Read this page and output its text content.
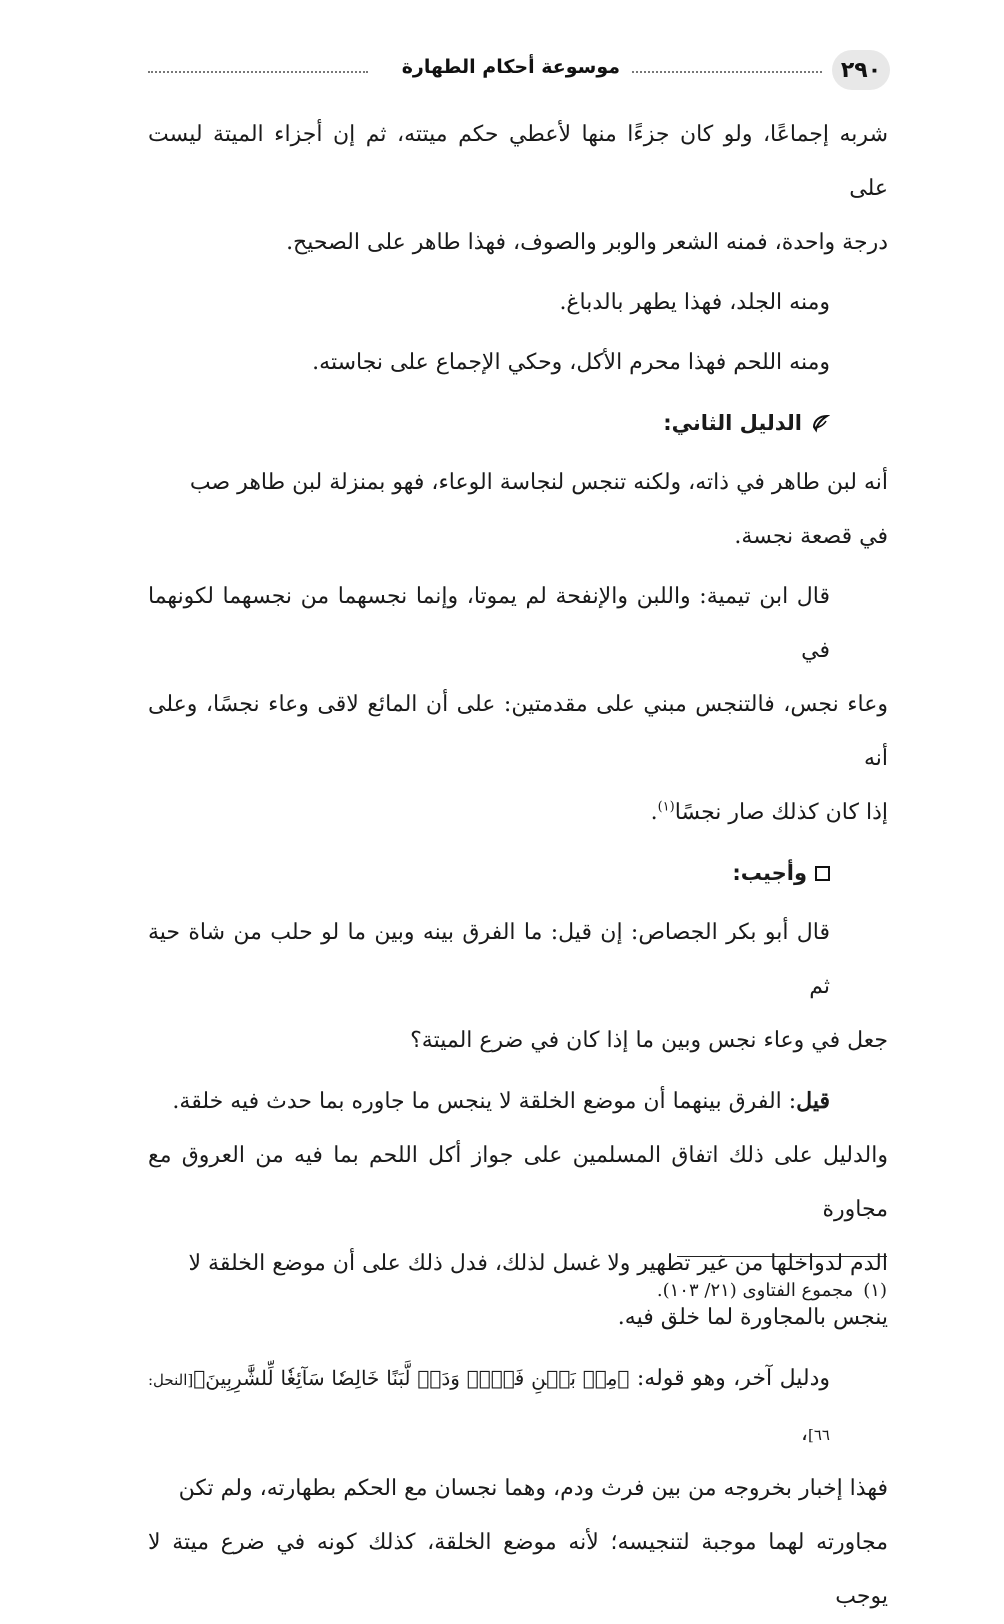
٢٩٠
موسوعة أحكام الطهارة

شربه إجماعًا، ولو كان جزءًا منها لأعطي حكم ميتته، ثم إن أجزاء الميتة ليست على

درجة واحدة، فمنه الشعر والوبر والصوف، فهذا طاهر على الصحيح.

ومنه الجلد، فهذا يطهر بالدباغ.

ومنه اللحم فهذا محرم الأكل، وحكي الإجماع على نجاسته.

الدليل الثاني:

أنه لبن طاهر في ذاته، ولكنه تنجس لنجاسة الوعاء، فهو بمنزلة لبن طاهر صب

في قصعة نجسة.

قال ابن تيمية: واللبن والإنفحة لم يموتا، وإنما نجسهما من نجسهما لكونهما في

وعاء نجس، فالتنجس مبني على مقدمتين: على أن المائع لاقى وعاء نجسًا، وعلى أنه

إذا كان كذلك صار نجسًا$^{(١)}$.

وأجيب:

قال أبو بكر الجصاص: إن قيل: ما الفرق بينه وبين ما لو حلب من شاة حية ثم

جعل في وعاء نجس وبين ما إذا كان في ضرع الميتة؟

قيل: الفرق بينهما أن موضع الخلقة لا ينجس ما جاوره بما حدث فيه خلقة.

والدليل على ذلك اتفاق المسلمين على جواز أكل اللحم بما فيه من العروق مع مجاورة

الدم لدواخلها من غير تطهير ولا غسل لذلك، فدل ذلك على أن موضع الخلقة لا

ينجس بالمجاورة لما خلق فيه.

ودليل آخر، وهو قوله: ﴿مِنۢ بَيۡنِ فَرۡثٖ وَدَمٖ لَّبَنًا خَالِصٗا سَآئِغٗا لِّلشَّٰرِبِينَ﴾[النحل: ٦٦]،

فهذا إخبار بخروجه من بين فرث ودم، وهما نجسان مع الحكم بطهارته، ولم تكن

مجاورته لهما موجبة لتنجيسه؛ لأنه موضع الخلقة، كذلك كونه في ضرع ميتة لا يوجب

(١)مجموع الفتاوى (٢١/ ١٠٣).
